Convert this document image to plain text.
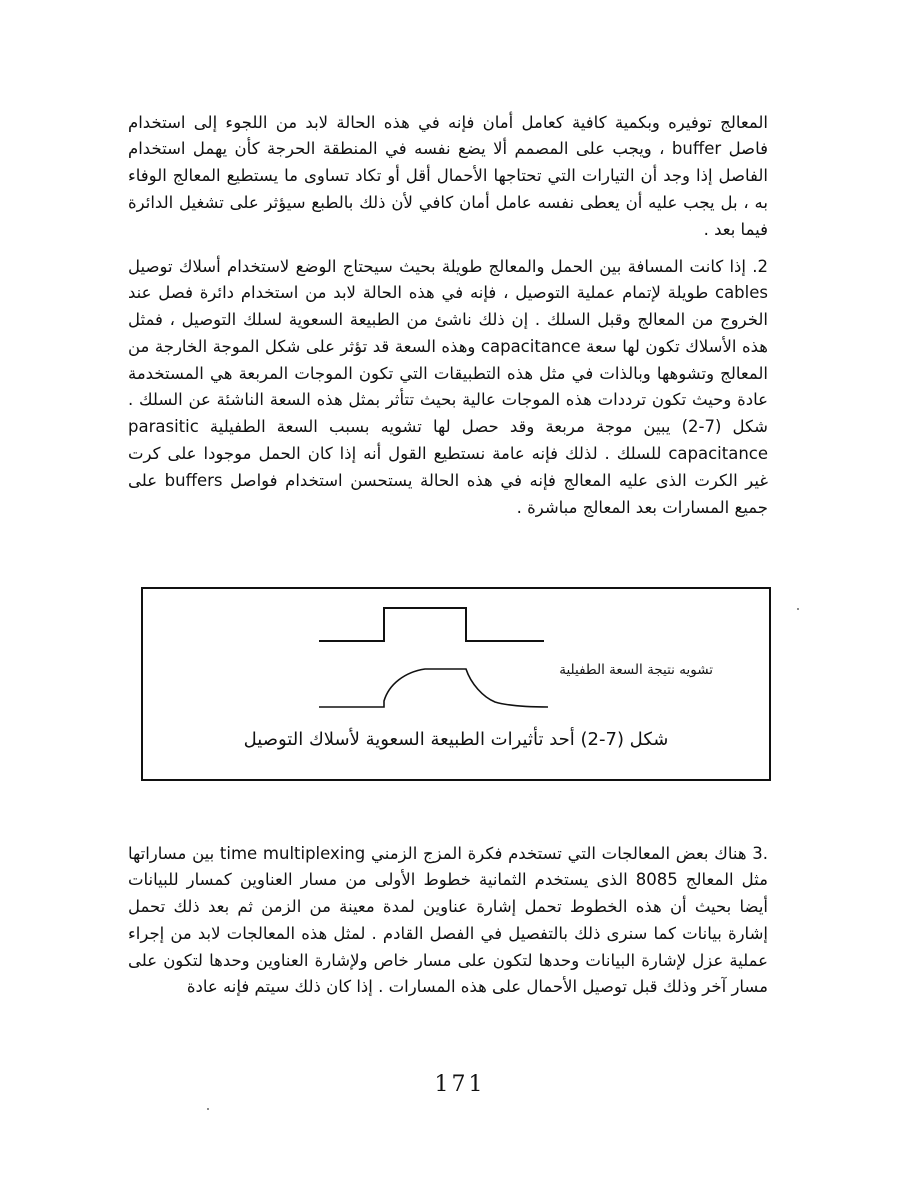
المعالج توفيره وبكمية كافية كعامل أمان فإنه في هذه الحالة لابد من اللجوء إلى استخدام فاصل buffer ، ويجب على المصمم ألا يضع نفسه في المنطقة الحرجة كأن يهمل استخدام الفاصل إذا وجد أن التيارات التي تحتاجها الأحمال أقل أو تكاد تساوى ما يستطيع المعالج الوفاء به ، بل يجب عليه أن يعطى نفسه عامل أمان كافي لأن ذلك بالطبع سيؤثر على تشغيل الدائرة فيما بعد .

2. إذا كانت المسافة بين الحمل والمعالج طويلة بحيث سيحتاج الوضع لاستخدام أسلاك توصيل cables طويلة لإتمام عملية التوصيل ، فإنه في هذه الحالة لابد من استخدام دائرة فصل عند الخروج من المعالج وقبل السلك . إن ذلك ناشئ من الطبيعة السعوية لسلك التوصيل ، فمثل هذه الأسلاك تكون لها سعة capacitance وهذه السعة قد تؤثر على شكل الموجة الخارجة من المعالج وتشوهها وبالذات في مثل هذه التطبيقات التي تكون الموجات المربعة هي المستخدمة عادة وحيث تكون ترددات هذه الموجات عالية بحيث تتأثر بمثل هذه السعة الناشئة عن السلك . شكل (7-2) يبين موجة مربعة وقد حصل لها تشويه بسبب السعة الطفيلية parasitic capacitance للسلك . لذلك فإنه عامة نستطيع القول أنه إذا كان الحمل موجودا على كرت غير الكرت الذى عليه المعالج فإنه في هذه الحالة يستحسن استخدام فواصل buffers على جميع المسارات بعد المعالج مباشرة .

تشويه نتيجة السعة الطفيلية
شكل (7-2) أحد تأثيرات الطبيعة السعوية لأسلاك التوصيل

.3 هناك بعض المعالجات التي تستخدم فكرة المزج الزمني time multiplexing بين مساراتها مثل المعالج 8085 الذى يستخدم الثمانية خطوط الأولى من مسار العناوين كمسار للبيانات أيضا بحيث أن هذه الخطوط تحمل إشارة عناوين لمدة معينة من الزمن ثم بعد ذلك تحمل إشارة بيانات كما سنرى ذلك بالتفصيل في الفصل القادم . لمثل هذه المعالجات لابد من إجراء عملية عزل لإشارة البيانات وحدها لتكون على مسار خاص ولإشارة العناوين وحدها لتكون على مسار آخر وذلك قبل توصيل الأحمال على هذه المسارات . إذا كان ذلك سيتم فإنه عادة

171
